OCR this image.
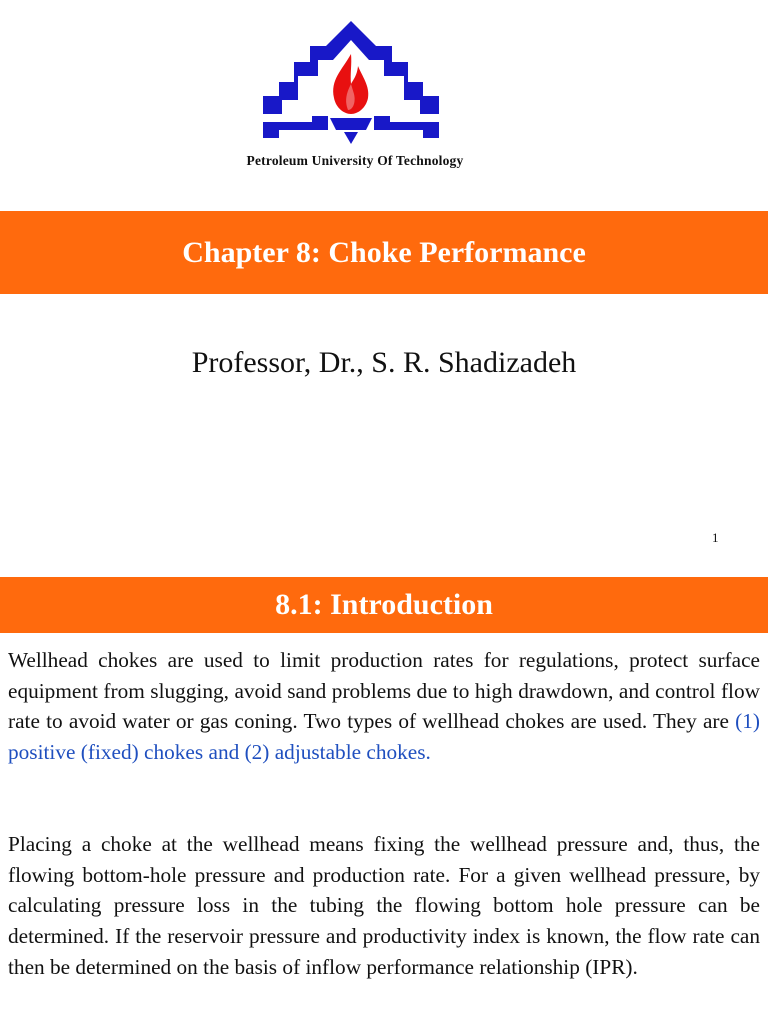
Petroleum University Of Technology
Chapter 8: Choke Performance
Professor, Dr., S. R. Shadizadeh
1
8.1: Introduction

Wellhead chokes are used to limit production rates for regulations, protect surface equipment from slugging, avoid sand problems due to high drawdown, and control flow rate to avoid water or gas coning. Two types of wellhead chokes are used. They are (1) positive (fixed) chokes and (2) adjustable chokes.

Placing a choke at the wellhead means fixing the wellhead pressure and, thus, the flowing bottom-hole pressure and production rate. For a given wellhead pressure, by calculating pressure loss in the tubing the flowing bottom hole pressure can be determined. If the reservoir pressure and productivity index is known, the flow rate can then be determined on the basis of inflow performance relationship (IPR).
